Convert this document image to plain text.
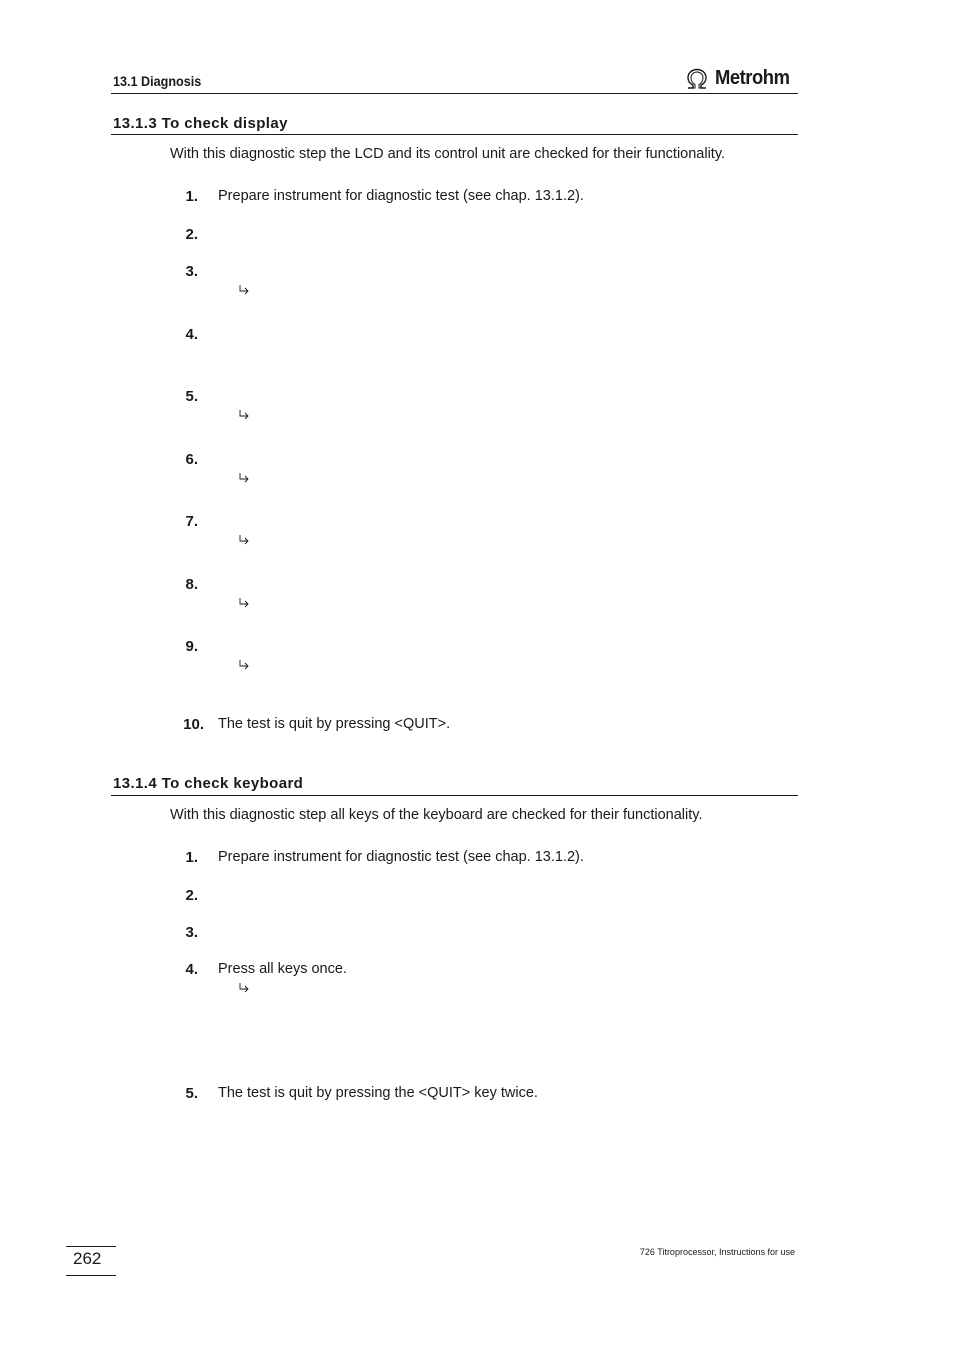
13.1 Diagnosis	Metrohm
13.1.3 To check display
With this diagnostic step the LCD and its control unit are checked for their functionality.
1. Prepare instrument for diagnostic test (see chap. 13.1.2).
2.
3.
4.
5.
6.
7.
8.
9.
10. The test is quit by pressing <QUIT>.
13.1.4 To check keyboard
With this diagnostic step all keys of the keyboard are checked for their functionality.
1. Prepare instrument for diagnostic test (see chap. 13.1.2).
2.
3.
4. Press all keys once.
5. The test is quit by pressing the <QUIT> key twice.
262	726 Titroprocessor, Instructions for use
